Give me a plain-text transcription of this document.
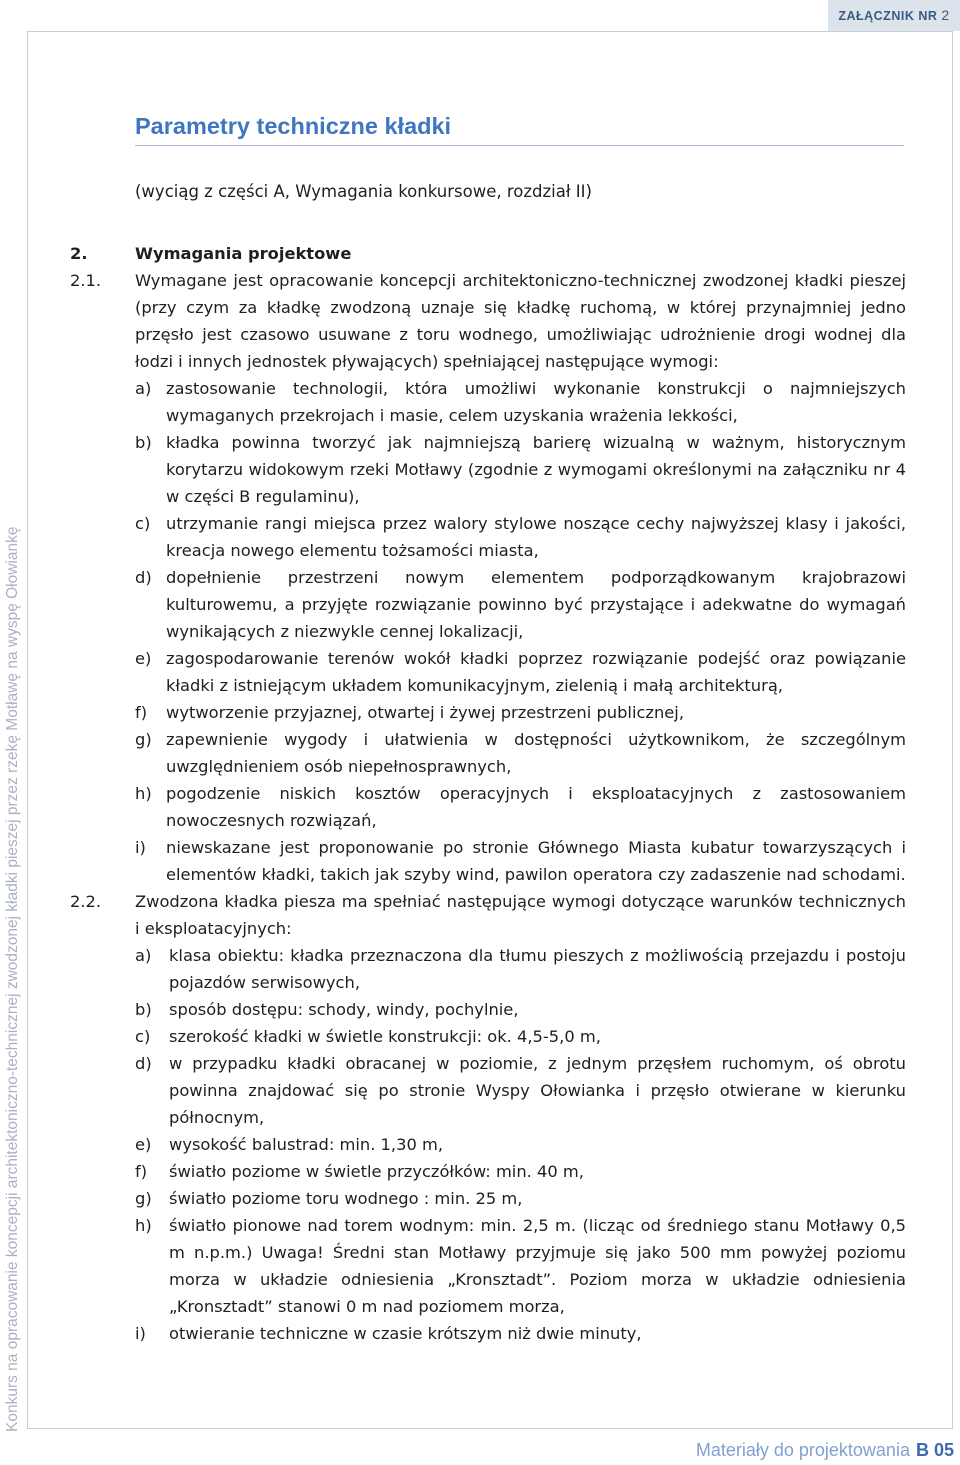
ZAŁĄCZNIK NR 2
Konkurs na opracowanie koncepcji architektoniczno-technicznej zwodzonej kładki pieszej przez rzekę Motławę na wyspę Ołowiankę
Parametry techniczne kładki
(wyciąg z części A, Wymagania konkursowe, rozdział II)
2.	Wymagania projektowe
2.1.	Wymagane jest opracowanie koncepcji architektoniczno-technicznej zwodzonej kładki pieszej (przy czym za kładkę zwodzoną uznaje się kładkę ruchomą, w której przynajmniej jedno przęsło jest czasowo usuwane z toru wodnego, umożliwiając udrożnienie drogi wodnej dla łodzi i innych jednostek pływających) spełniającej następujące wymogi:
a) zastosowanie technologii, która umożliwi wykonanie konstrukcji o najmniejszych wymaganych przekrojach i masie, celem uzyskania wrażenia lekkości,
b) kładka powinna tworzyć jak najmniejszą barierę wizualną w ważnym, historycznym korytarzu widokowym rzeki Motławy (zgodnie z wymogami określonymi na załączniku nr 4 w części B regulaminu),
c) utrzymanie rangi miejsca przez walory stylowe noszące cechy najwyższej klasy i jakości, kreacja nowego elementu tożsamości miasta,
d) dopełnienie przestrzeni nowym elementem podporządkowanym krajobrazowi kulturowemu, a przyjęte rozwiązanie powinno być przystające i adekwatne do wymagań wynikających z niezwykle cennej lokalizacji,
e) zagospodarowanie terenów wokół kładki poprzez rozwiązanie podejść oraz powiązanie kładki z istniejącym układem komunikacyjnym, zielenią i małą architekturą,
f)	wytworzenie przyjaznej, otwartej i żywej przestrzeni publicznej,
g) zapewnienie wygody i ułatwienia w dostępności użytkownikom, że szczególnym uwzględnieniem osób niepełnosprawnych,
h) pogodzenie niskich kosztów operacyjnych i eksploatacyjnych z zastosowaniem nowoczesnych rozwiązań,
i)	niewskazane jest proponowanie po stronie Głównego Miasta kubatur towarzyszących i elementów kładki, takich jak szyby wind, pawilon operatora czy zadaszenie nad schodami.
2.2.	Zwodzona kładka piesza ma spełniać następujące wymogi dotyczące warunków technicznych i eksploatacyjnych:
a)	klasa obiektu: kładka przeznaczona dla tłumu pieszych z możliwością przejazdu i postoju pojazdów serwisowych,
b)	sposób dostępu: schody, windy, pochylnie,
c)	szerokość kładki w świetle konstrukcji: ok. 4,5-5,0 m,
d)	w przypadku kładki obracanej w poziomie, z jednym przęsłem ruchomym, oś obrotu powinna znajdować się po stronie Wyspy Ołowianka i przęsło otwierane w kierunku północnym,
e)	wysokość balustrad: min. 1,30 m,
f)	światło poziome w świetle przyczółków: min. 40 m,
g)	światło poziome toru wodnego : min. 25 m,
h)	światło pionowe nad torem wodnym: min. 2,5 m. (licząc od średniego stanu Motławy 0,5 m n.p.m.) Uwaga! Średni stan Motławy przyjmuje się jako 500 mm powyżej poziomu morza w układzie odniesienia „Kronsztadt”. Poziom morza w układzie odniesienia „Kronsztadt” stanowi 0 m nad poziomem morza,
i)	otwieranie techniczne w czasie krótszym niż dwie minuty,
Materiały do projektowania B 05
